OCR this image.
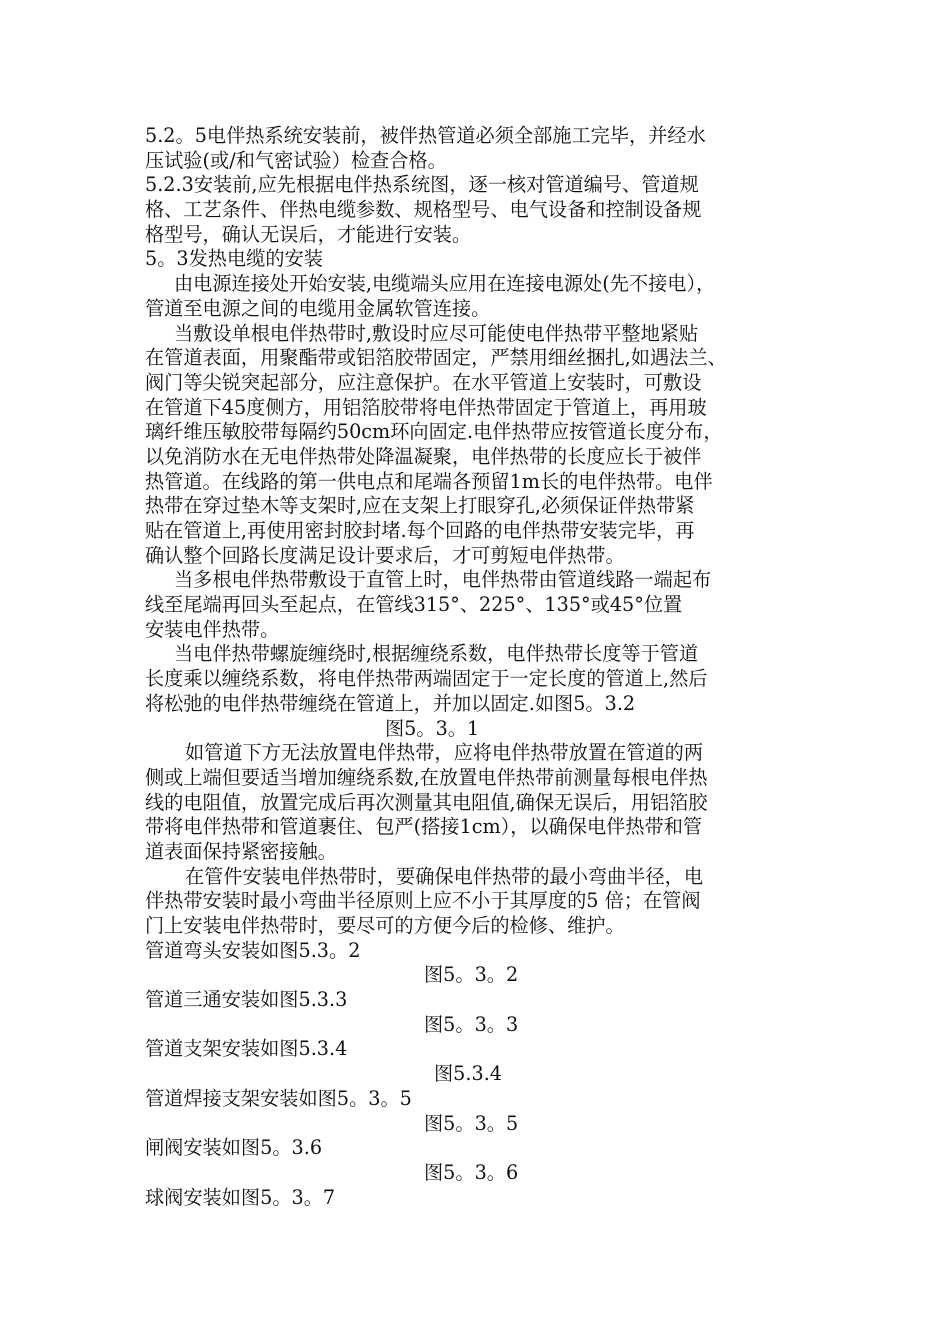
5.2。5电伴热系统安装前，被伴热管道必须全部施工完毕，并经水
压试验(或/和气密试验）检查合格。
5.2.3安装前,应先根据电伴热系统图，逐一核对管道编号、管道规
格、工艺条件、伴热电缆参数、规格型号、电气设备和控制设备规
格型号，确认无误后，才能进行安装。
5。3发热电缆的安装
由电源连接处开始安装,电缆端头应用在连接电源处(先不接电），
管道至电源之间的电缆用金属软管连接。
当敷设单根电伴热带时,敷设时应尽可能使电伴热带平整地紧贴
在管道表面，用聚酯带或铝箔胶带固定，严禁用细丝捆扎,如遇法兰、
阀门等尖锐突起部分，应注意保护。在水平管道上安装时，可敷设
在管道下45度侧方，用铝箔胶带将电伴热带固定于管道上，再用玻
璃纤维压敏胶带每隔约50cm环向固定.电伴热带应按管道长度分布，
以免消防水在无电伴热带处降温凝聚，电伴热带的长度应长于被伴
热管道。在线路的第一供电点和尾端各预留1m长的电伴热带。电伴
热带在穿过垫木等支架时,应在支架上打眼穿孔,必须保证伴热带紧
贴在管道上,再使用密封胶封堵.每个回路的电伴热带安装完毕，再
确认整个回路长度满足设计要求后，才可剪短电伴热带。
当多根电伴热带敷设于直管上时，电伴热带由管道线路一端起布
线至尾端再回头至起点，在管线315°、225°、135°或45°位置
安装电伴热带。
当电伴热带螺旋缠绕时,根据缠绕系数，电伴热带长度等于管道
长度乘以缠绕系数，将电伴热带两端固定于一定长度的管道上,然后
将松弛的电伴热带缠绕在管道上，并加以固定.如图5。3.2
图5。3。1
如管道下方无法放置电伴热带，应将电伴热带放置在管道的两
侧或上端但要适当增加缠绕系数,在放置电伴热带前测量每根电伴热
线的电阻值，放置完成后再次测量其电阻值,确保无误后，用铝箔胶
带将电伴热带和管道裹住、包严(搭接1cm），以确保电伴热带和管
道表面保持紧密接触。
在管件安装电伴热带时，要确保电伴热带的最小弯曲半径，电
伴热带安装时最小弯曲半径原则上应不小于其厚度的5 倍；在管阀
门上安装电伴热带时，要尽可的方便今后的检修、维护。
管道弯头安装如图5.3。2
图5。3。2
管道三通安装如图5.3.3
图5。3。3
管道支架安装如图5.3.4
图5.3.4
管道焊接支架安装如图5。3。5
图5。3。5
闸阀安装如图5。3.6
图5。3。6
球阀安装如图5。3。7
